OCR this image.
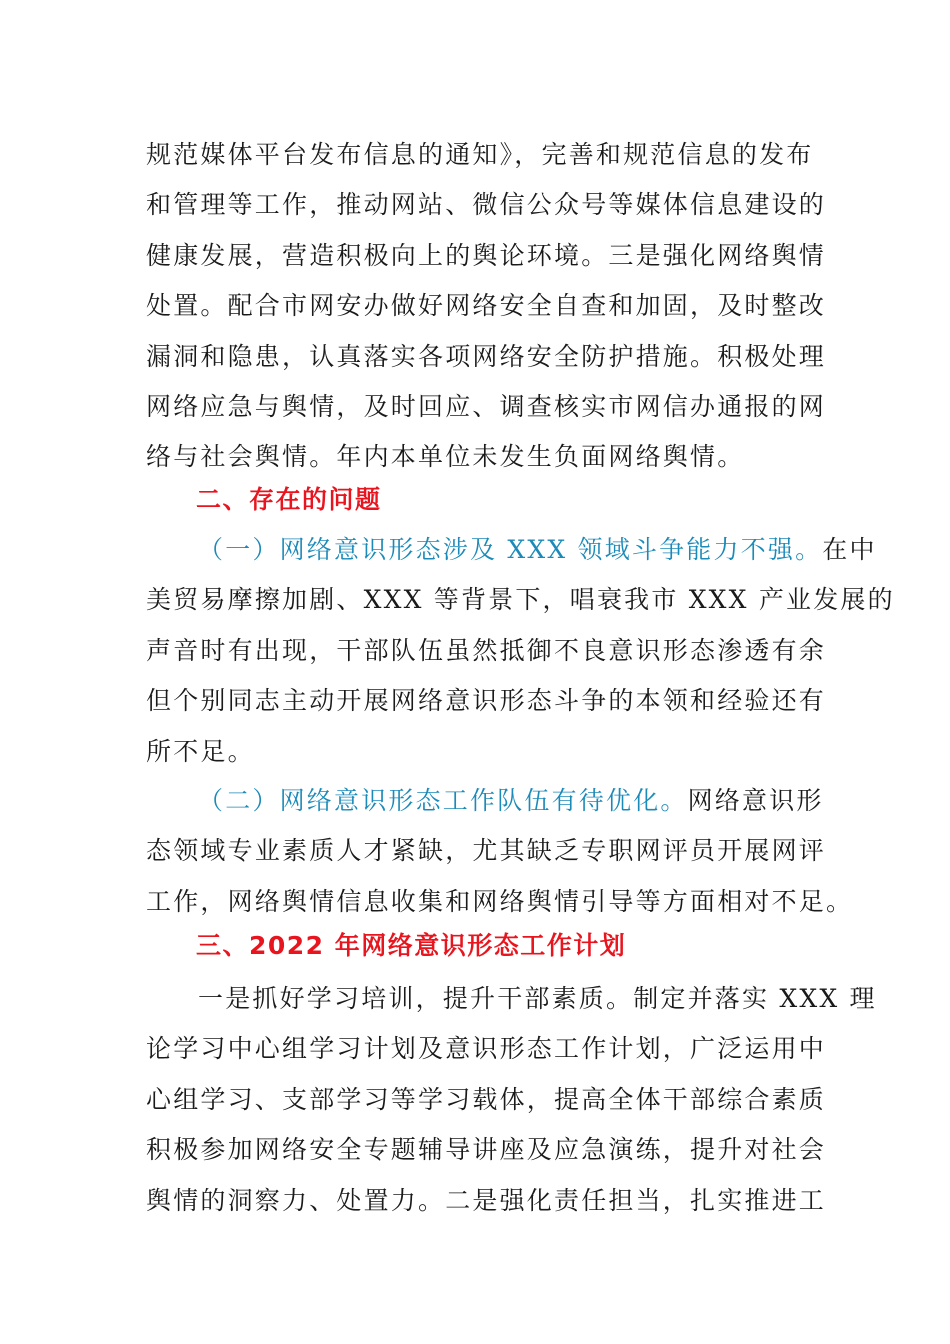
规范媒体平台发布信息的通知》，完善和规范信息的发布
和管理等工作，推动网站、微信公众号等媒体信息建设的
健康发展，营造积极向上的舆论环境。三是强化网络舆情
处置。配合市网安办做好网络安全自查和加固，及时整改
漏洞和隐患，认真落实各项网络安全防护措施。积极处理
网络应急与舆情，及时回应、调查核实市网信办通报的网
络与社会舆情。年内本单位未发生负面网络舆情。
二、存在的问题
（一）网络意识形态涉及 XXX 领域斗争能力不强。在中
美贸易摩擦加剧、XXX 等背景下，唱衰我市 XXX 产业发展的
声音时有出现，干部队伍虽然抵御不良意识形态渗透有余
但个别同志主动开展网络意识形态斗争的本领和经验还有
所不足。
（二）网络意识形态工作队伍有待优化。网络意识形
态领域专业素质人才紧缺，尤其缺乏专职网评员开展网评
工作，网络舆情信息收集和网络舆情引导等方面相对不足。
三、2022 年网络意识形态工作计划
一是抓好学习培训，提升干部素质。制定并落实 XXX 理
论学习中心组学习计划及意识形态工作计划，广泛运用中
心组学习、支部学习等学习载体，提高全体干部综合素质
积极参加网络安全专题辅导讲座及应急演练，提升对社会
舆情的洞察力、处置力。二是强化责任担当，扎实推进工
